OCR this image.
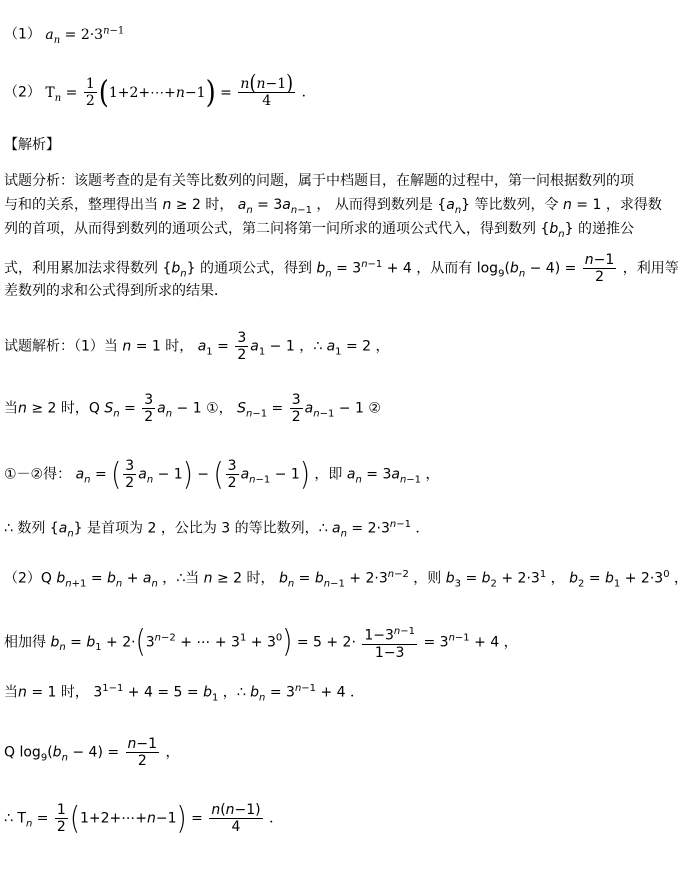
（1） $a_n = 2\cdot 3^{n-1}$
（2） $T_n = \frac{1}{2}$ (1+2+⋯+n−1) = $\frac{n(n-1)}{4}$ ．
【解析】
试题分析：该题考查的是有关等比数列的问题，属于中档题目，在解题的过程中，第一问根据数列的项
与和的关系，整理得出当 n ≥ 2 时， $a_n = 3a_{n-1}$ ， 从而得到数列是 $\{a_n\}$ 等比数列，令 n = 1 ，求得数
列的首项，从而得到数列的通项公式，第二问将第一问所求的通项公式代入，得到数列 $\{b_n\}$ 的递推公
式，利用累加法求得数列 $\{b_n\}$ 的通项公式，得到 $b_n = 3^{n-1} + 4$ ，从而有 $\log_9(b_n - 4) = \frac{n-1}{2}$ ，利用等
差数列的求和公式得到所求的结果．
试题解析：（1）当 n = 1 时， $a_1 = \frac{3}{2} a_1 - 1$ ，∴ $a_1 = 2$ ，
当n ≥ 2 时，Q $S_n = \frac{3}{2} a_n - 1$ ①， $S_{n-1} = \frac{3}{2} a_{n-1} - 1$ ②
①－②得： $a_n$ = ( $\frac{3}{2} a_n - 1$) − ( $\frac{3}{2} a_{n-1} - 1$) ，即 $a_n = 3a_{n-1}$ ，
∴ 数列 $\{a_n\}$ 是首项为 2 ，公比为 3 的等比数列，∴ $a_n = 2\cdot 3^{n-1}$ ．
（2）Q $b_{n+1} = b_n + a_n$ ，∴当 n ≥ 2 时， $b_n = b_{n-1} + 2\cdot 3^{n-2}$ ，则 $b_3 = b_2 + 2\cdot 3^1$ ， $b_2 = b_1 + 2\cdot 3^0$ ，
相加得 $b_n = b_1 + 2\cdot(3^{n-2}$ + ⋯ + $3^1 + 3^0) = 5 + 2\cdot \frac{1-3^{n-1}}{1-3} = 3^{n-1} + 4$ ，
当n = 1 时， $3^{1-1} + 4 = 5 = b_1$ ，∴ $b_n = 3^{n-1} + 4$ ．
Q $\log_9(b_n - 4) = \frac{n-1}{2}$ ，
∴ $T_n = \frac{1}{2}$ (1+2+⋯+n−1) = $\frac{n(n-1)}{4}$ ．
